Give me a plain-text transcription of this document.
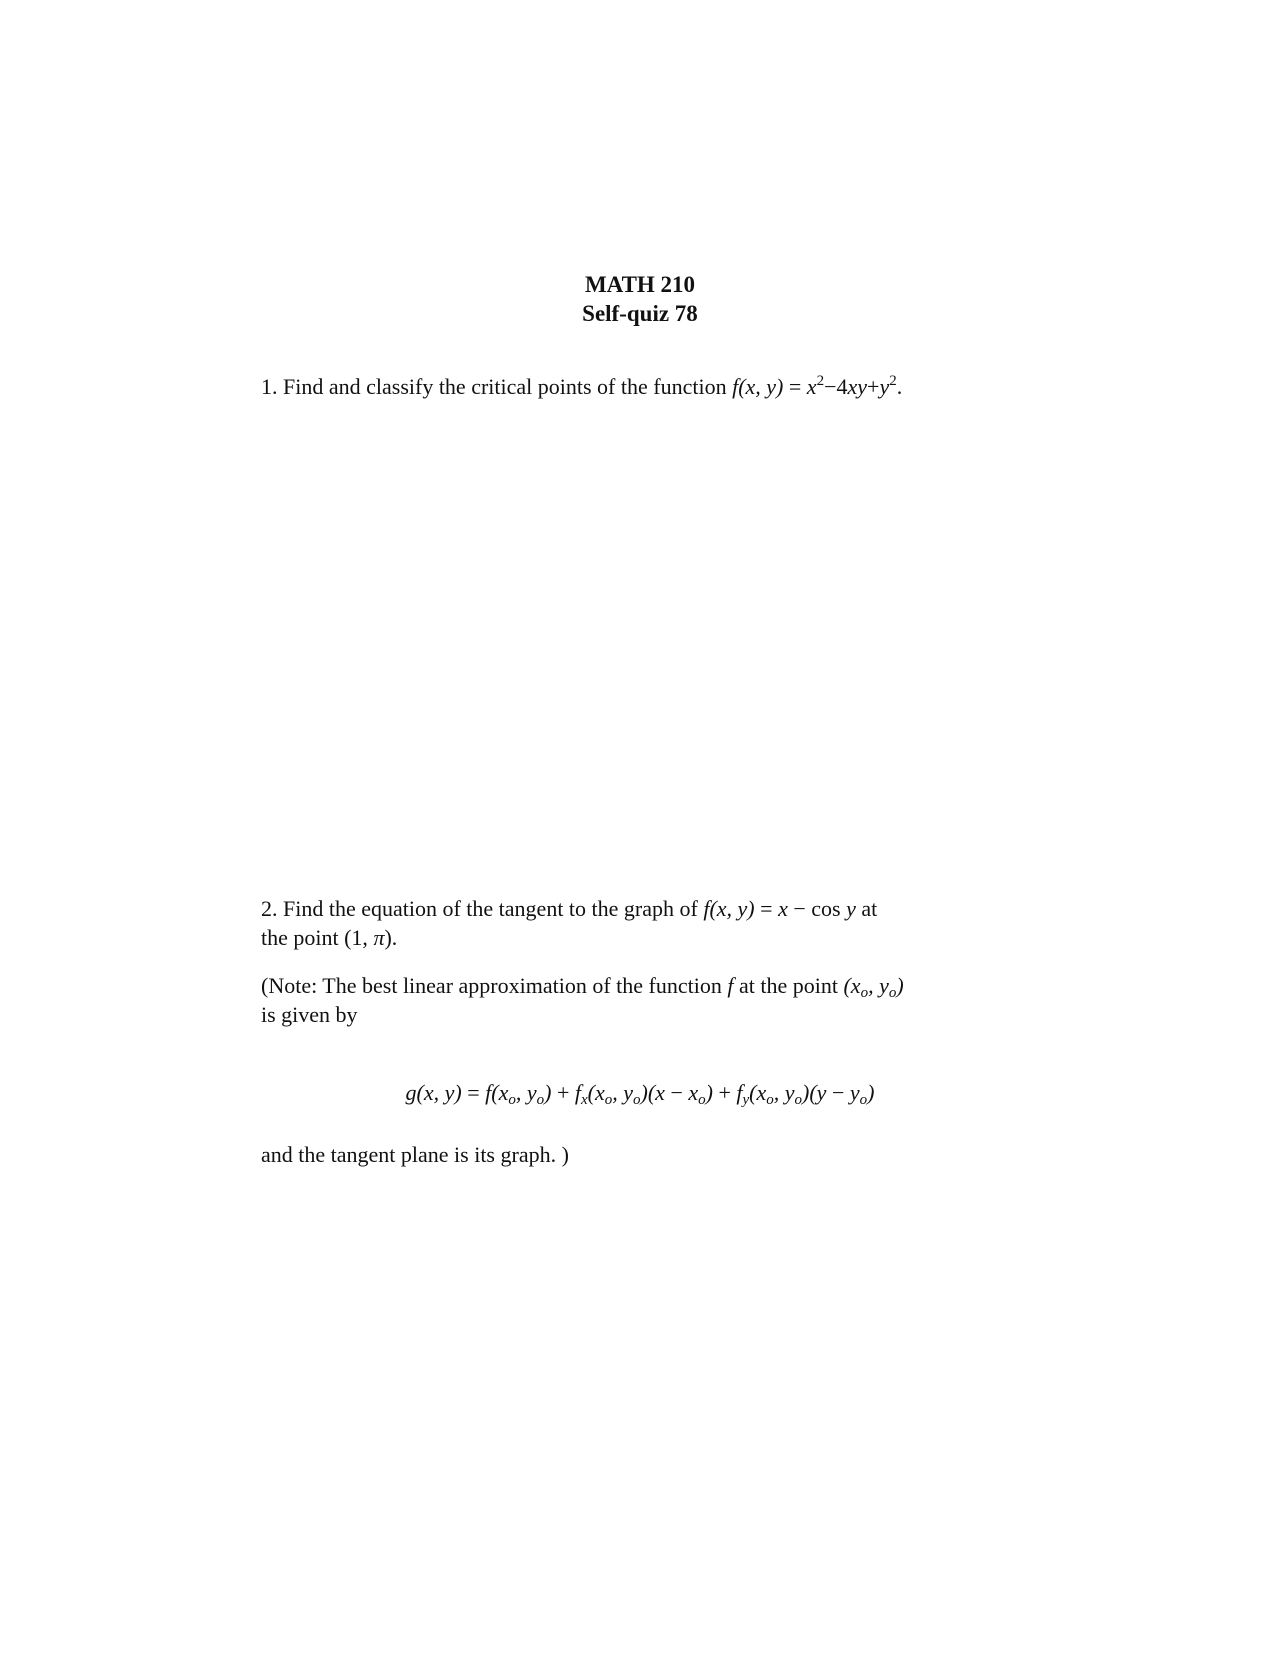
MATH 210
Self-quiz 78
1. Find and classify the critical points of the function f(x, $y) = x^2-4xy+y^2$.
2. Find the equation of the tangent to the graph of f(x, y) = x − cos y at
the point (1, π).
(Note: The best linear approximation of the function f at the point ($x_o$, $y_o$)
is given by
g(x, $y) = f(x_o$, $y_o) + f_x(x_o$, $y_o)(x - x_o) + f_y(x_o$, $y_o)(y - y_o)$
and the tangent plane is its graph. )
